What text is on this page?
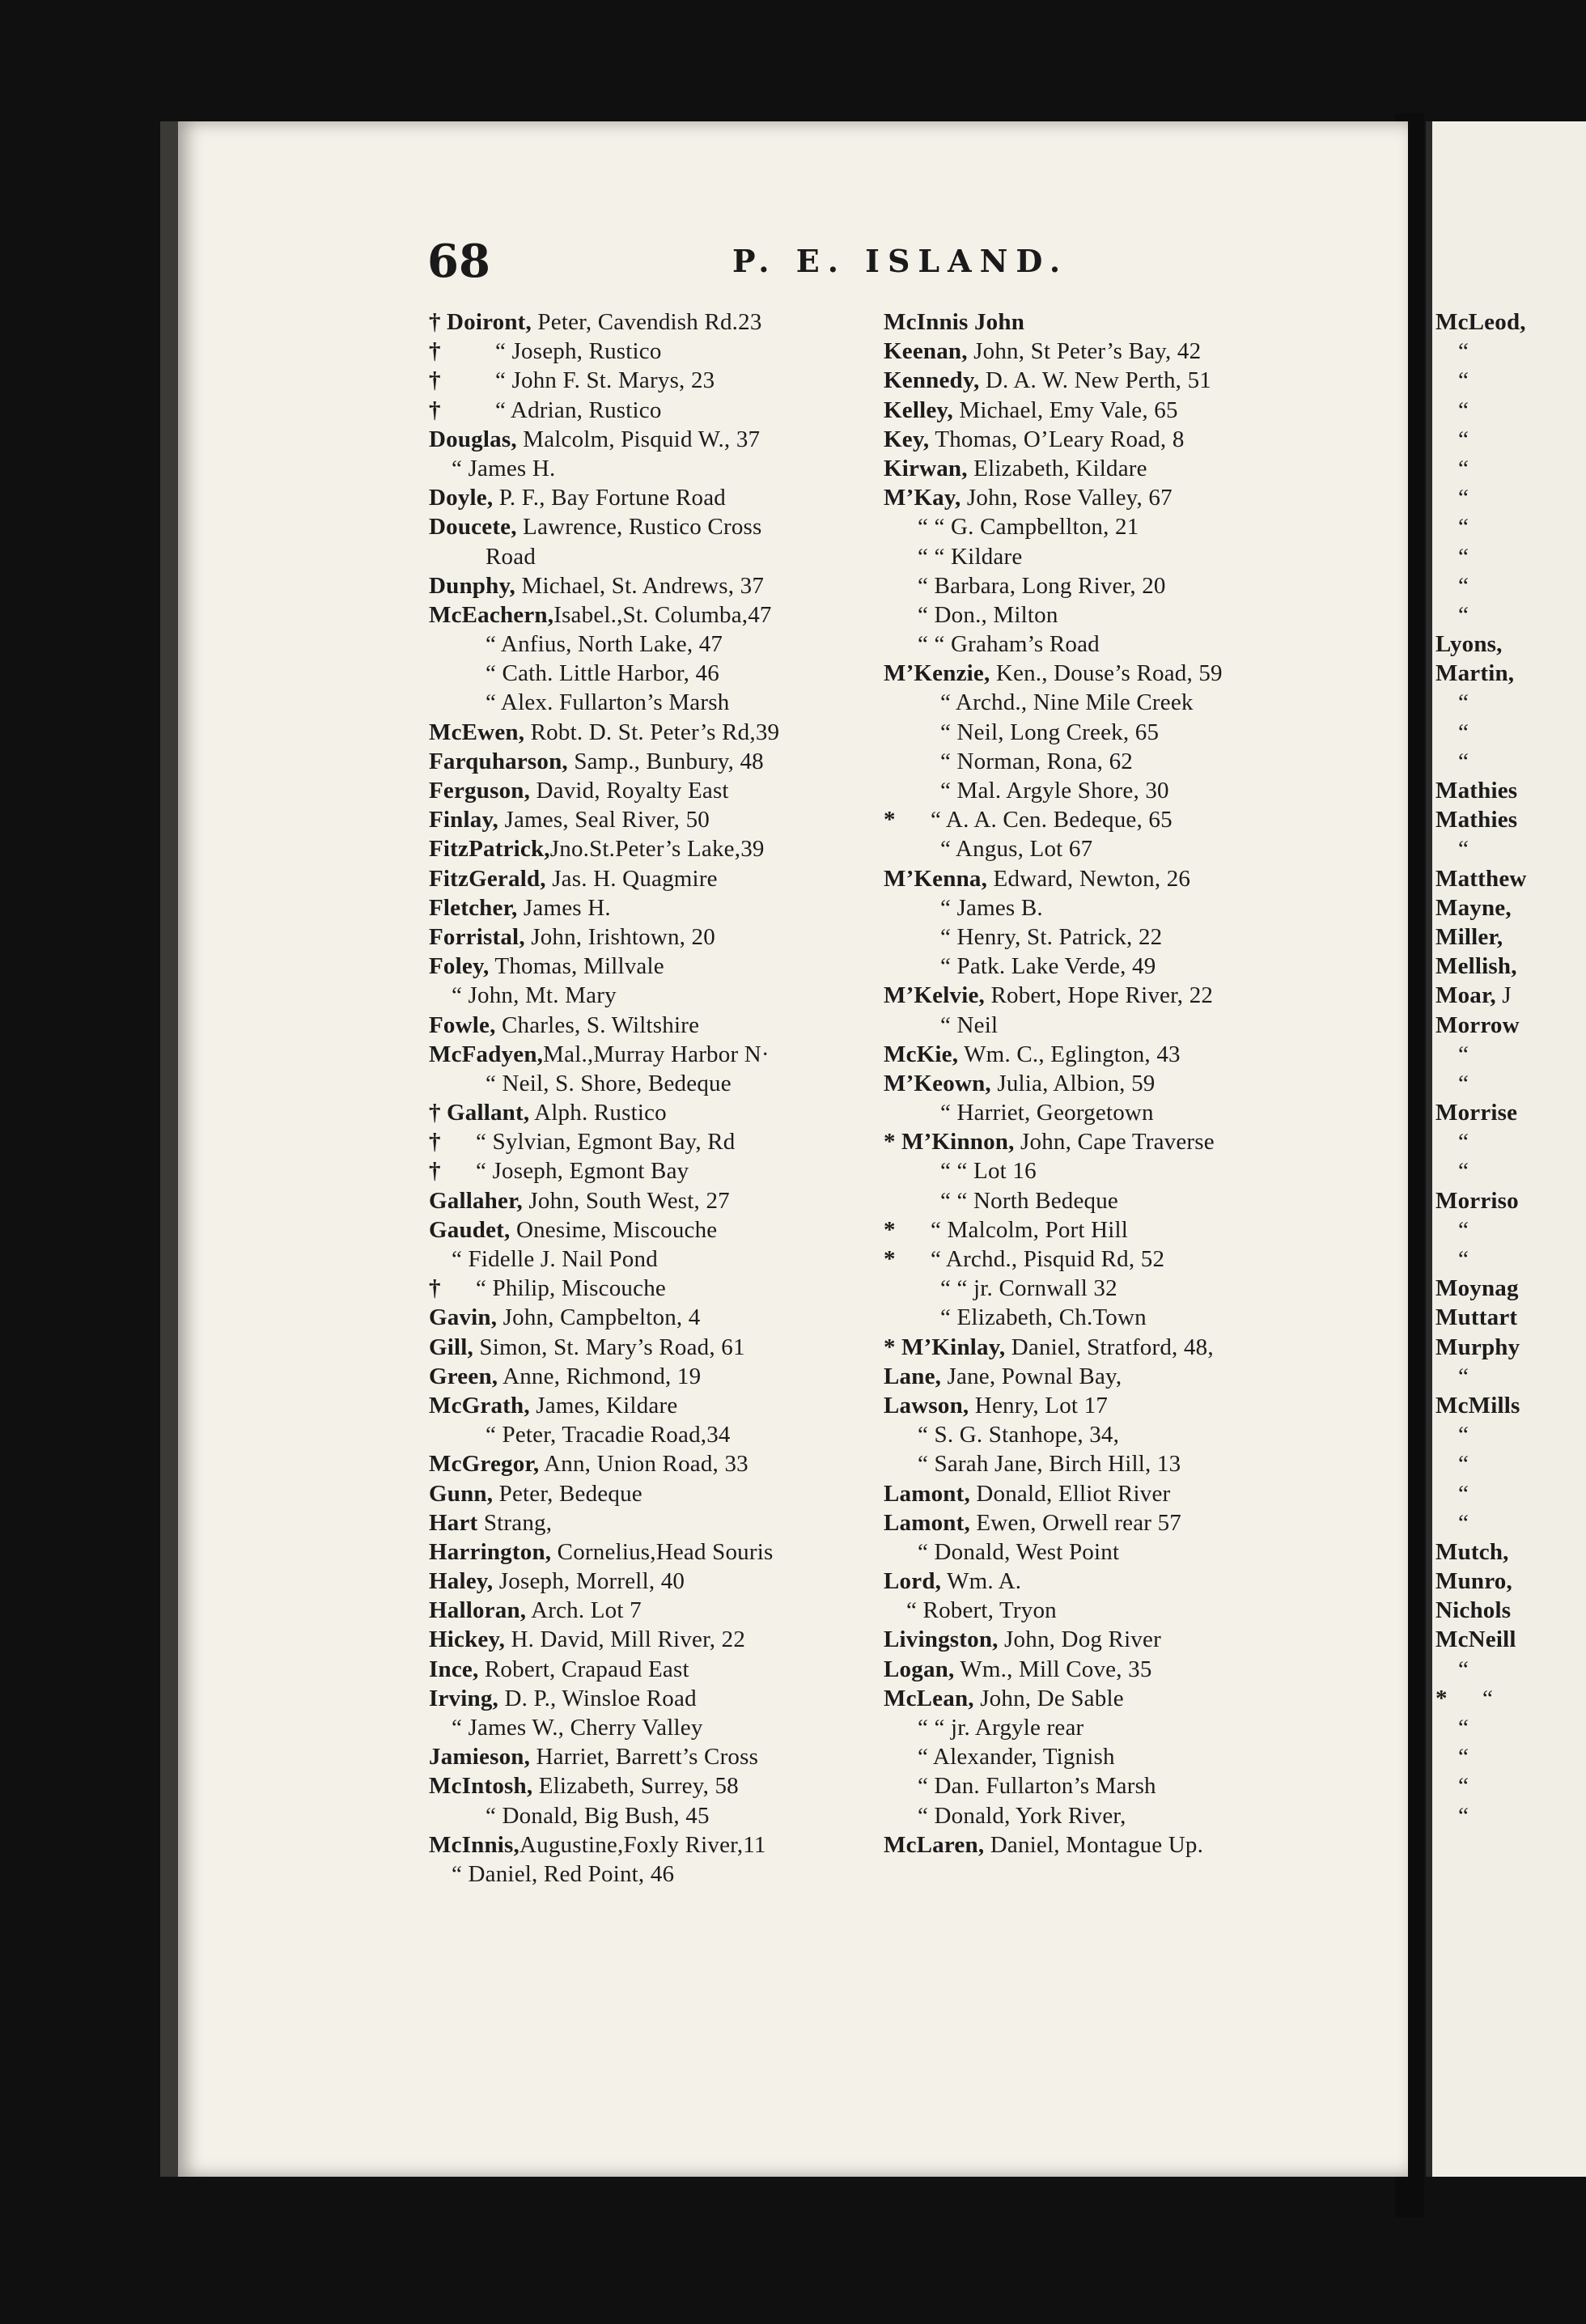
McLeod,
“
“
“
“
“
“
“
“
“
“
Lyons,
Martin,
“
“
“
Mathies
Mathies
“
Matthew
Mayne,
Miller,
Mellish,
Moar, J
Morrow
“
“
Morrise
“
“
Morriso
“
“
Moynag
Muttart
Murphy
“
McMills
“
“
“
“
Mutch,
Munro,
Nichols
McNeill
“
* “
“
“
“
“
68	P. E. ISLAND.
† Doiront, Peter, Cavendish Rd.23
† “ Joseph, Rustico
† “ John F. St. Marys, 23
† “ Adrian, Rustico
Douglas, Malcolm, Pisquid W., 37
“ James H.
Doyle, P. F., Bay Fortune Road
Doucete, Lawrence, Rustico Cross
Road
Dunphy, Michael, St. Andrews, 37
McEachern,Isabel.,St. Columba,47
“ Anfius, North Lake, 47
“ Cath. Little Harbor, 46
“ Alex. Fullarton’s Marsh
McEwen, Robt. D. St. Peter’s Rd,39
Farquharson, Samp., Bunbury, 48
Ferguson, David, Royalty East
Finlay, James, Seal River, 50
FitzPatrick,Jno.St.Peter’s Lake,39
FitzGerald, Jas. H. Quagmire
Fletcher, James H.
Forristal, John, Irishtown, 20
Foley, Thomas, Millvale
“ John, Mt. Mary
Fowle, Charles, S. Wiltshire
McFadyen,Mal.,Murray Harbor N·
“ Neil, S. Shore, Bedeque
† Gallant, Alph. Rustico
† “ Sylvian, Egmont Bay, Rd
† “ Joseph, Egmont Bay
Gallaher, John, South West, 27
Gaudet, Onesime, Miscouche
“ Fidelle J. Nail Pond
† “ Philip, Miscouche
Gavin, John, Campbelton, 4
Gill, Simon, St. Mary’s Road, 61
Green, Anne, Richmond, 19
McGrath, James, Kildare
“ Peter, Tracadie Road,34
McGregor, Ann, Union Road, 33
Gunn, Peter, Bedeque
Hart Strang,
Harrington, Cornelius,Head Souris
Haley, Joseph, Morrell, 40
Halloran, Arch. Lot 7
Hickey, H. David, Mill River, 22
Ince, Robert, Crapaud East
Irving, D. P., Winsloe Road
“ James W., Cherry Valley
Jamieson, Harriet, Barrett’s Cross
McIntosh, Elizabeth, Surrey, 58
“ Donald, Big Bush, 45
McInnis,Augustine,Foxly River,11
“ Daniel, Red Point, 46
McInnis John
Keenan, John, St Peter’s Bay, 42
Kennedy, D. A. W. New Perth, 51
Kelley, Michael, Emy Vale, 65
Key, Thomas, O’Leary Road, 8
Kirwan, Elizabeth, Kildare
M’Kay, John, Rose Valley, 67
“ “ G. Campbellton, 21
“ “ Kildare
“ Barbara, Long River, 20
“ Don., Milton
“ “ Graham’s Road
M’Kenzie, Ken., Douse’s Road, 59
“ Archd., Nine Mile Creek
“ Neil, Long Creek, 65
“ Norman, Rona, 62
“ Mal. Argyle Shore, 30
* “ A. A. Cen. Bedeque, 65
“ Angus, Lot 67
M’Kenna, Edward, Newton, 26
“ James B.
“ Henry, St. Patrick, 22
“ Patk. Lake Verde, 49
M’Kelvie, Robert, Hope River, 22
“ Neil
McKie, Wm. C., Eglington, 43
M’Keown, Julia, Albion, 59
“ Harriet, Georgetown
* M’Kinnon, John, Cape Traverse
“ “ Lot 16
“ “ North Bedeque
* “ Malcolm, Port Hill
* “ Archd., Pisquid Rd, 52
“ “ jr. Cornwall 32
“ Elizabeth, Ch.Town
* M’Kinlay, Daniel, Stratford, 48,
Lane, Jane, Pownal Bay,
Lawson, Henry, Lot 17
“ S. G. Stanhope, 34,
“ Sarah Jane, Birch Hill, 13
Lamont, Donald, Elliot River
Lamont, Ewen, Orwell rear 57
“ Donald, West Point
Lord, Wm. A.
“ Robert, Tryon
Livingston, John, Dog River
Logan, Wm., Mill Cove, 35
McLean, John, De Sable
“ “ jr. Argyle rear
“ Alexander, Tignish
“ Dan. Fullarton’s Marsh
“ Donald, York River,
McLaren, Daniel, Montague Up.
